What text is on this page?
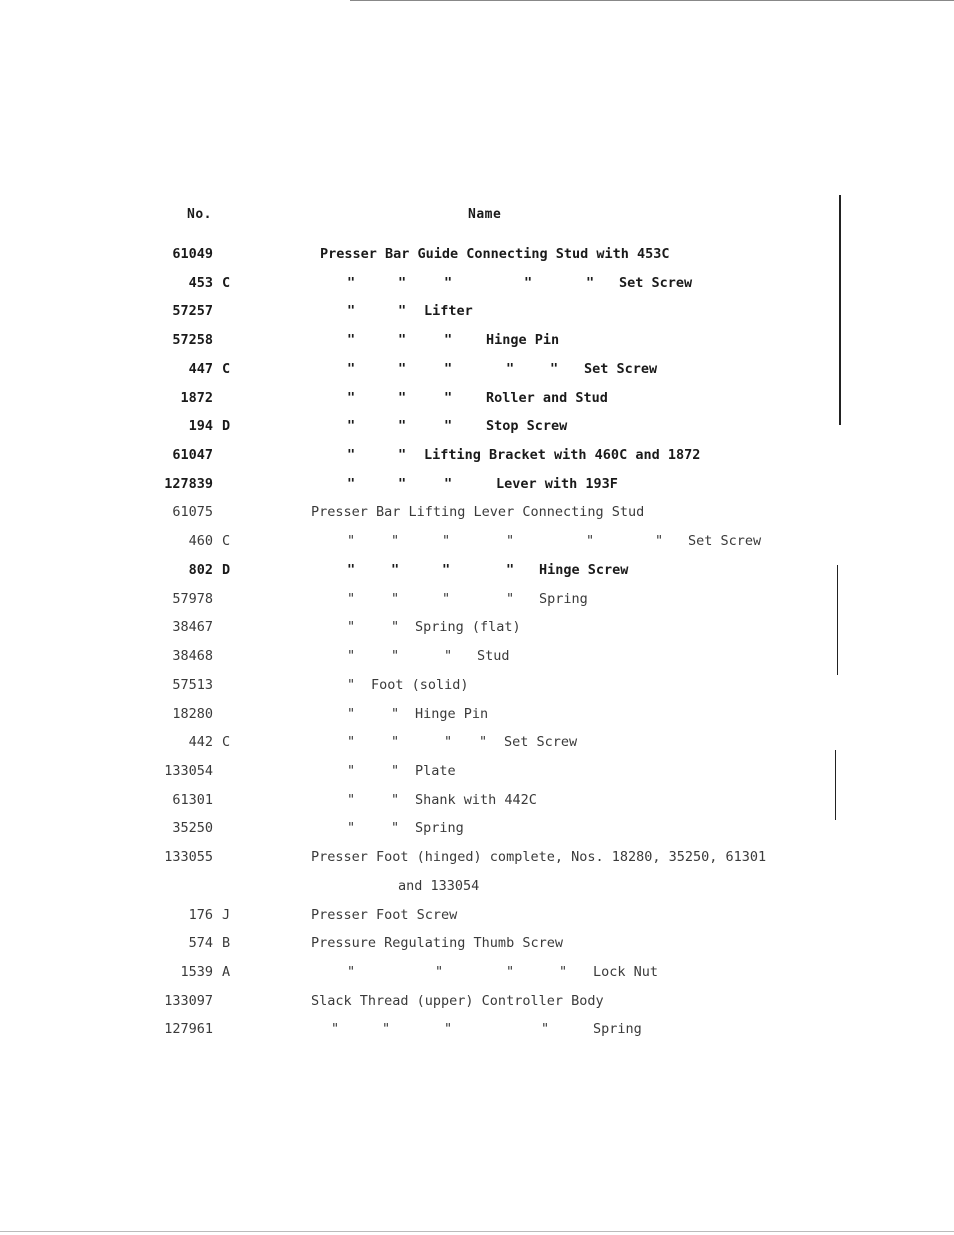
No.	Name
61049	Presser Bar Guide Connecting Stud with 453C
453 C	"	"	"	"	" Set Screw
57257	"	" Lifter
57258	"	"	"	Hinge Pin
447 C	"	"	"	"	" Set Screw
1872	"	"	"	Roller and Stud
194 D	"	"	"	Stop Screw
61047	"	" Lifting Bracket with 460C and 1872
127839	"	"	"	Lever with 193F
61075	Presser Bar Lifting Lever Connecting Stud
460 C	"	"	"	"	"	" Set Screw
802 D	"	"	"	" Hinge Screw
57978	"	"	"	" Spring
38467	"	" Spring (flat)
38468	"	"	" Stud
57513	" Foot (solid)
18280	"	" Hinge Pin
442 C	"	"	" " Set Screw
133054	"	" Plate
61301	"	" Shank with 442C
35250	"	" Spring
133055	Presser Foot (hinged) complete, Nos. 18280, 35250, 61301
and 133054
176 J	Presser Foot Screw
574 B	Pressure Regulating Thumb Screw
1539 A	"	"	"	" Lock Nut
133097	Slack Thread (upper) Controller Body
127961	"	"	"	"	Spring
